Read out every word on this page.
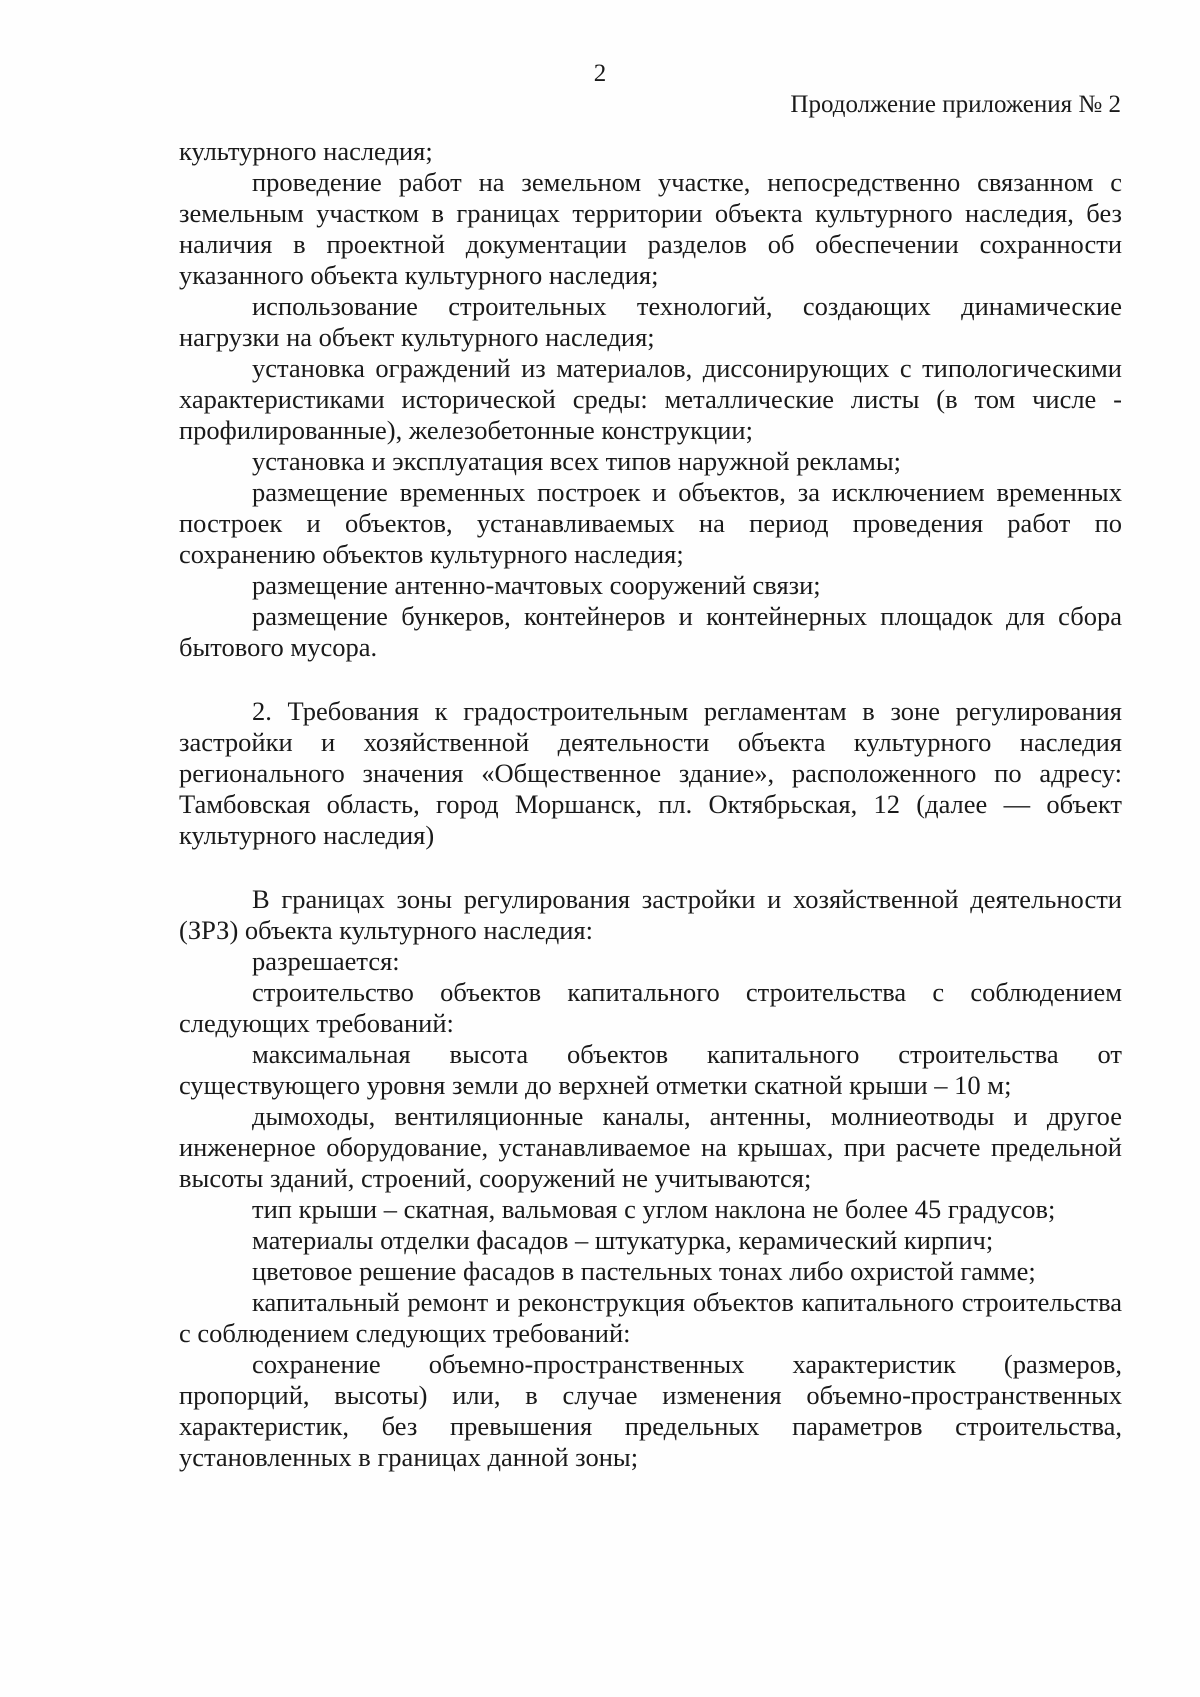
2
Продолжение приложения № 2

культурного наследия;

проведение работ на земельном участке, непосредственно связанном с земельным участком в границах территории объекта культурного наследия, без наличия в проектной документации разделов об обеспечении сохранности указанного объекта культурного наследия;

использование строительных технологий, создающих динамические нагрузки на объект культурного наследия;

установка ограждений из материалов, диссонирующих с типологическими характеристиками исторической среды: металлические листы (в том числе - профилированные), железобетонные конструкции;

установка и эксплуатация всех типов наружной рекламы;

размещение временных построек и объектов, за исключением временных построек и объектов, устанавливаемых на период проведения работ по сохранению объектов культурного наследия;

размещение антенно-мачтовых сооружений связи;

размещение бункеров, контейнеров и контейнерных площадок для сбора бытового мусора.

2. Требования к градостроительным регламентам в зоне регулирования застройки и хозяйственной деятельности объекта культурного наследия регионального значения «Общественное здание», расположенного по адресу: Тамбовская область, город Моршанск, пл. Октябрьская, 12 (далее — объект культурного наследия)

В границах зоны регулирования застройки и хозяйственной деятельности (ЗРЗ) объекта культурного наследия:

разрешается:

строительство объектов капитального строительства с соблюдением следующих требований:

максимальная высота объектов капитального строительства от существующего уровня земли до верхней отметки скатной крыши – 10 м;

дымоходы, вентиляционные каналы, антенны, молниеотводы и другое инженерное оборудование, устанавливаемое на крышах, при расчете предельной высоты зданий, строений, сооружений не учитываются;

тип крыши – скатная, вальмовая с углом наклона не более 45 градусов;

материалы отделки фасадов – штукатурка, керамический кирпич;

цветовое решение фасадов в пастельных тонах либо охристой гамме;

капитальный ремонт и реконструкция объектов капитального строительства с соблюдением следующих требований:

сохранение объемно-пространственных характеристик (размеров, пропорций, высоты) или, в случае изменения объемно-пространственных характеристик, без превышения предельных параметров строительства, установленных в границах данной зоны;
